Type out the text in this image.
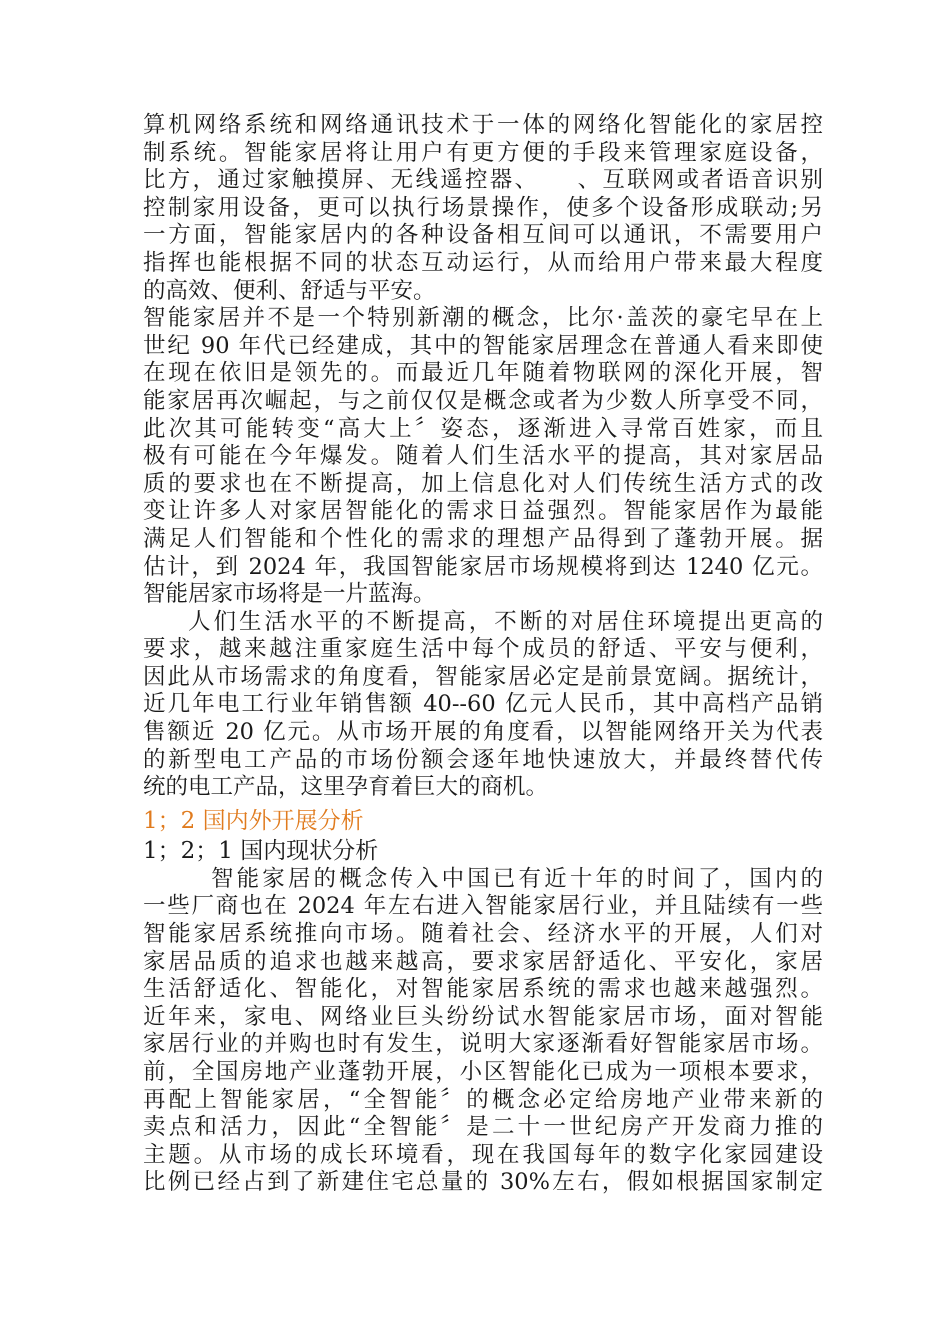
算机网络系统和网络通讯技术于一体的网络化智能化的家居控
制系统。智能家居将让用户有更方便的手段来管理家庭设备，
比方，通过家触摸屏、无线遥控器、　　、互联网或者语音识别
控制家用设备，更可以执行场景操作，使多个设备形成联动;另
一方面，智能家居内的各种设备相互间可以通讯，不需要用户
指挥也能根据不同的状态互动运行，从而给用户带来最大程度
的高效、便利、舒适与平安。
智能家居并不是一个特别新潮的概念，比尔·盖茨的豪宅早在上
世纪 90 年代已经建成，其中的智能家居理念在普通人看来即使
在现在依旧是领先的。而最近几年随着物联网的深化开展，智
能家居再次崛起，与之前仅仅是概念或者为少数人所享受不同，
此次其可能转变“高大上〞姿态，逐渐进入寻常百姓家，而且
极有可能在今年爆发。随着人们生活水平的提高，其对家居品
质的要求也在不断提高，加上信息化对人们传统生活方式的改
变让许多人对家居智能化的需求日益强烈。智能家居作为最能
满足人们智能和个性化的需求的理想产品得到了蓬勃开展。据
估计，到 2024 年，我国智能家居市场规模将到达 1240 亿元。
智能居家市场将是一片蓝海。
人们生活水平的不断提高，不断的对居住环境提出更高的
要求，越来越注重家庭生活中每个成员的舒适、平安与便利，
因此从市场需求的角度看，智能家居必定是前景宽阔。据统计，
近几年电工行业年销售额 40--60 亿元人民币，其中高档产品销
售额近 20 亿元。从市场开展的角度看，以智能网络开关为代表
的新型电工产品的市场份额会逐年地快速放大，并最终替代传
统的电工产品，这里孕育着巨大的商机。
1；2 国内外开展分析
1；2；1 国内现状分析
智能家居的概念传入中国已有近十年的时间了，国内的
一些厂商也在 2024 年左右进入智能家居行业，并且陆续有一些
智能家居系统推向市场。随着社会、经济水平的开展，人们对
家居品质的追求也越来越高，要求家居舒适化、平安化，家居
生活舒适化、智能化，对智能家居系统的需求也越来越强烈。
近年来，家电、网络业巨头纷纷试水智能家居市场，面对智能
家居行业的并购也时有发生，说明大家逐渐看好智能家居市场。
前，全国房地产业蓬勃开展，小区智能化已成为一项根本要求，
再配上智能家居，“全智能〞的概念必定给房地产业带来新的
卖点和活力，因此“全智能〞是二十一世纪房产开发商力推的
主题。从市场的成长环境看，现在我国每年的数字化家园建设
比例已经占到了新建住宅总量的 30%左右，假如根据国家制定
